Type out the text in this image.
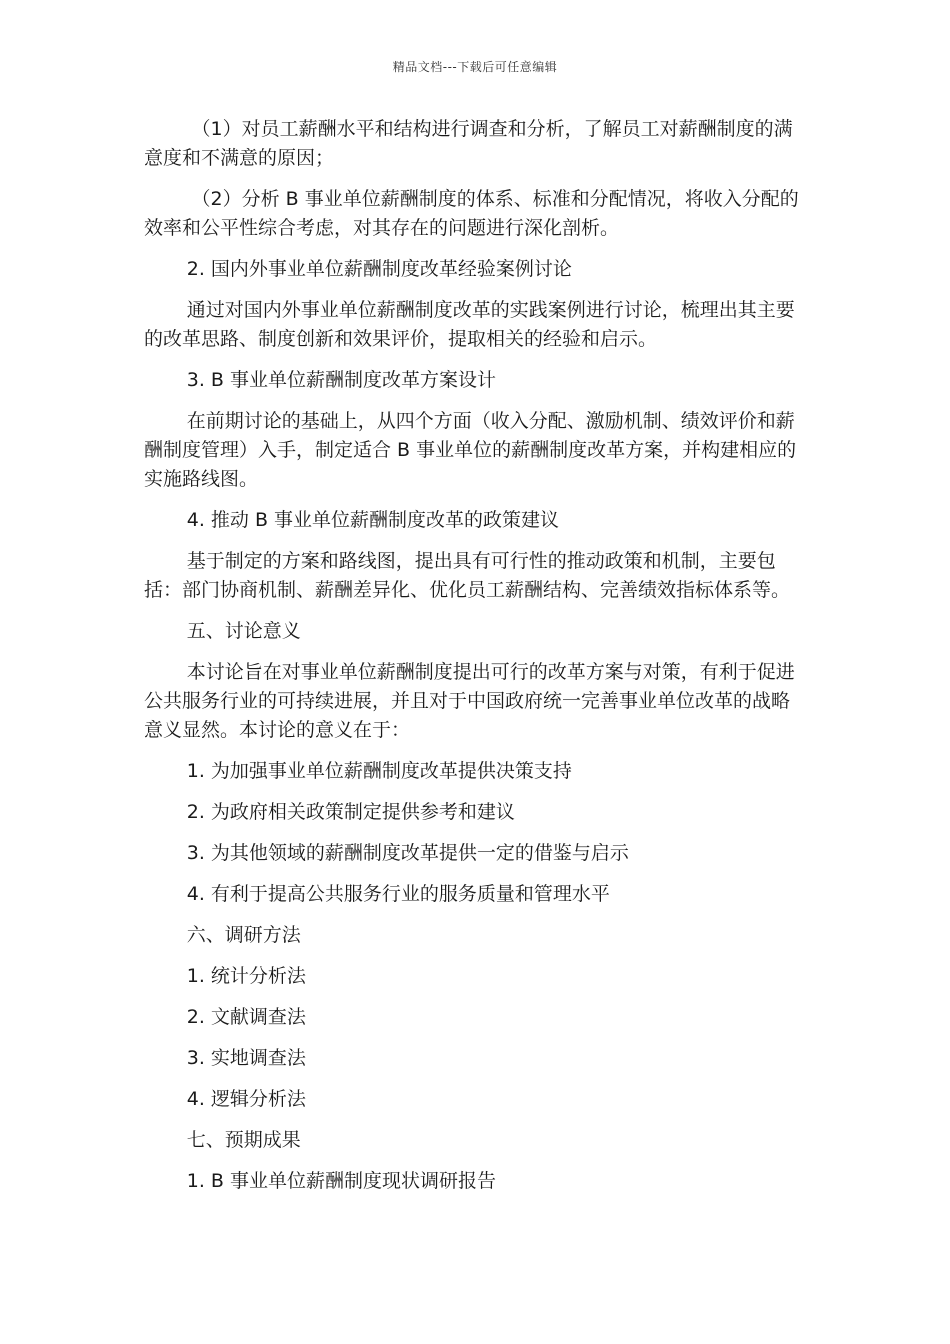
精品文档---下载后可任意编辑

（1）对员工薪酬水平和结构进行调查和分析，了解员工对薪酬制度的满意度和不满意的原因；

（2）分析 B 事业单位薪酬制度的体系、标准和分配情况，将收入分配的效率和公平性综合考虑，对其存在的问题进行深化剖析。

2. 国内外事业单位薪酬制度改革经验案例讨论

通过对国内外事业单位薪酬制度改革的实践案例进行讨论，梳理出其主要的改革思路、制度创新和效果评价，提取相关的经验和启示。

3. B 事业单位薪酬制度改革方案设计

在前期讨论的基础上，从四个方面（收入分配、激励机制、绩效评价和薪酬制度管理）入手，制定适合 B 事业单位的薪酬制度改革方案，并构建相应的实施路线图。

4. 推动 B 事业单位薪酬制度改革的政策建议

基于制定的方案和路线图，提出具有可行性的推动政策和机制，主要包括：部门协商机制、薪酬差异化、优化员工薪酬结构、完善绩效指标体系等。

五、讨论意义

本讨论旨在对事业单位薪酬制度提出可行的改革方案与对策，有利于促进公共服务行业的可持续进展，并且对于中国政府统一完善事业单位改革的战略意义显然。本讨论的意义在于：

1. 为加强事业单位薪酬制度改革提供决策支持

2. 为政府相关政策制定提供参考和建议

3. 为其他领域的薪酬制度改革提供一定的借鉴与启示

4. 有利于提高公共服务行业的服务质量和管理水平

六、调研方法

1. 统计分析法

2. 文献调查法

3. 实地调查法

4. 逻辑分析法

七、预期成果

1. B 事业单位薪酬制度现状调研报告
